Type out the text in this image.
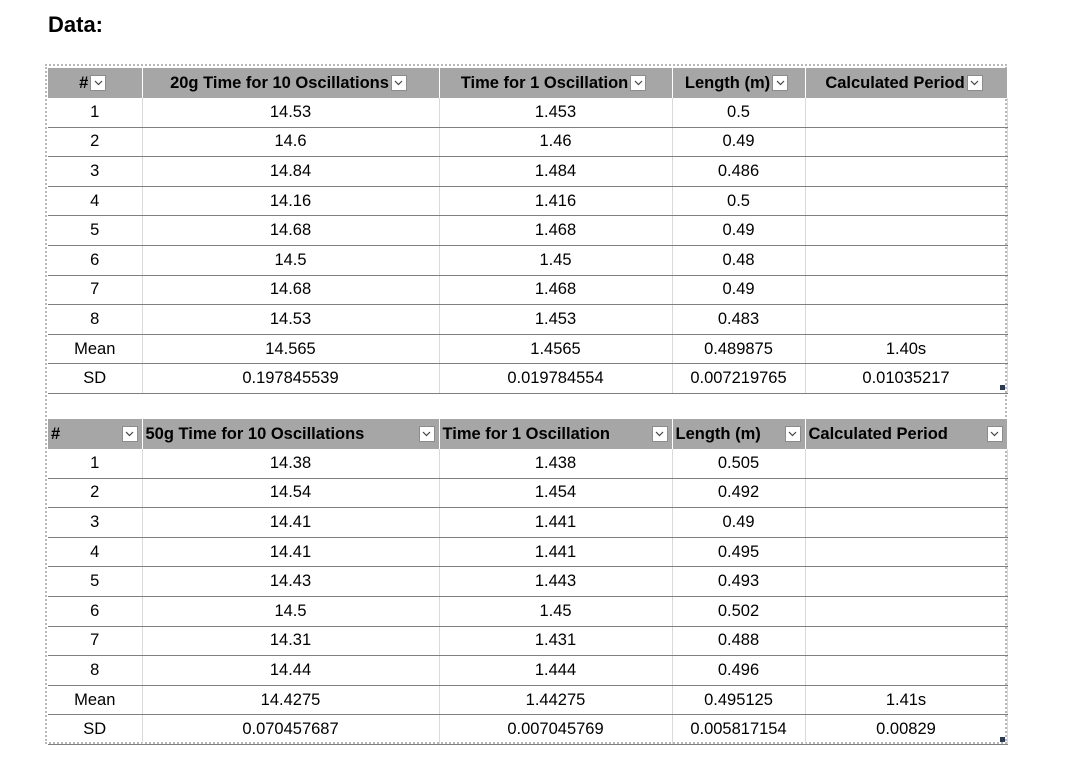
Data:
#	20g Time for 10 Oscillations	Time for 1 Oscillation	Length (m)	Calculated Period

1	14.53	1.453	0.5	
2	14.6	1.46	0.49	
3	14.84	1.484	0.486	
4	14.16	1.416	0.5	
5	14.68	1.468	0.49	
6	14.5	1.45	0.48	
7	14.68	1.468	0.49	
8	14.53	1.453	0.483	
Mean	14.565	1.4565	0.489875	1.40s
SD	0.197845539	0.019784554	0.007219765	0.01035217
#	50g Time for 10 Oscillations	Time for 1 Oscillation	Length (m)	Calculated Period

1	14.38	1.438	0.505	
2	14.54	1.454	0.492	
3	14.41	1.441	0.49	
4	14.41	1.441	0.495	
5	14.43	1.443	0.493	
6	14.5	1.45	0.502	
7	14.31	1.431	0.488	
8	14.44	1.444	0.496	
Mean	14.4275	1.44275	0.495125	1.41s
SD	0.070457687	0.007045769	0.005817154	0.00829
